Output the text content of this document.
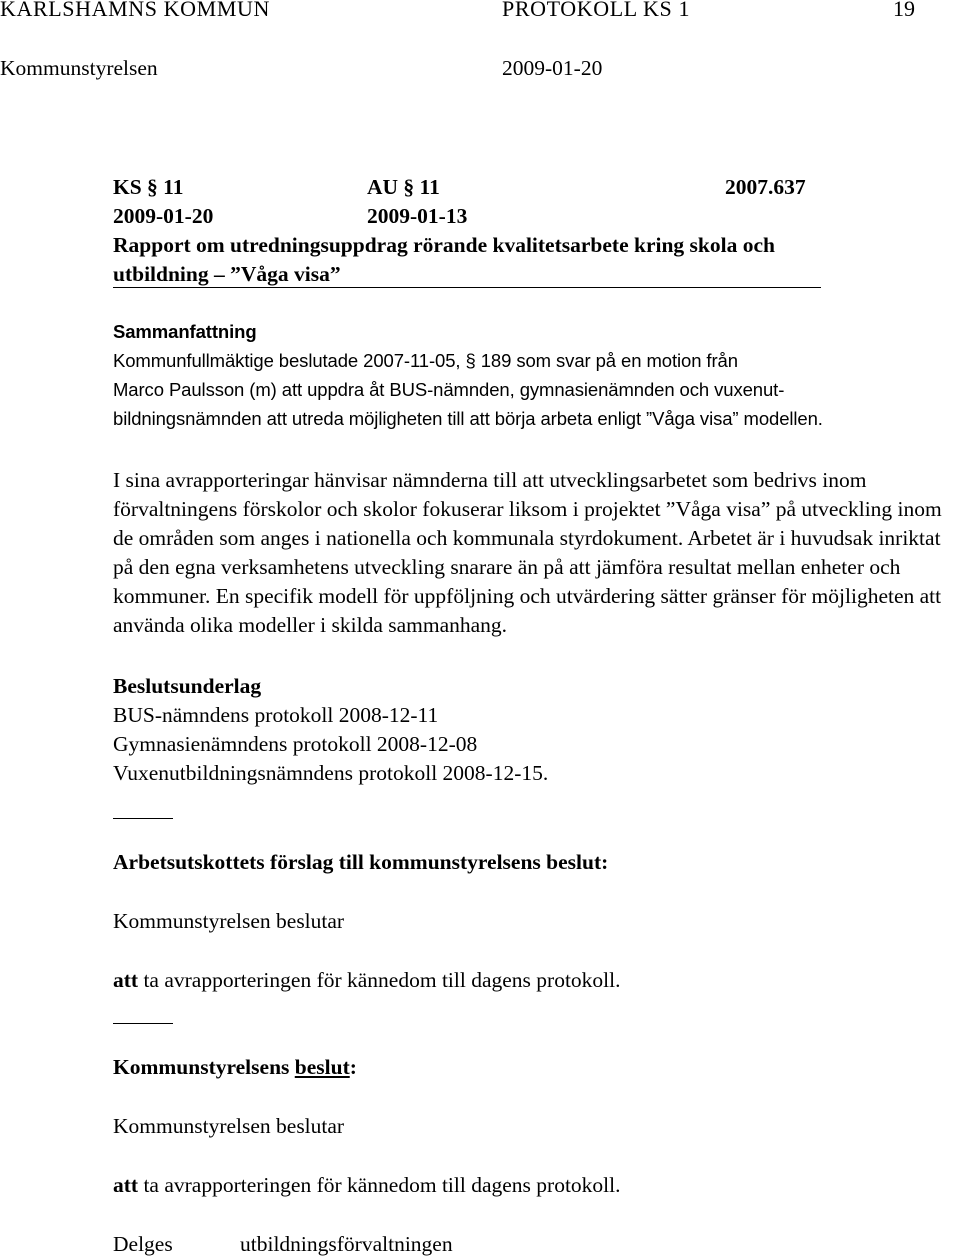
KARLSHAMNS KOMMUN	PROTOKOLL KS 1	19

Kommunstyrelsen	2009-01-20

KS § 11	AU § 11	2007.637

2009-01-20	2009-01-13

Rapport om utredningsuppdrag rörande kvalitetsarbete kring skola och

utbildning – ”Våga visa”

Sammanfattning

Kommunfullmäktige beslutade 2007-11-05, § 189 som svar på en motion från

Marco Paulsson (m) att uppdra åt BUS-nämnden, gymnasienämnden och vuxenut-

bildningsnämnden att utreda möjligheten till att börja arbeta enligt ”Våga visa” modellen.

I sina avrapporteringar hänvisar nämnderna till att utvecklingsarbetet som bedrivs inom

förvaltningens förskolor och skolor fokuserar liksom i projektet ”Våga visa” på utveckling inom

de områden som anges i nationella och kommunala styrdokument. Arbetet är i huvudsak inriktat

på den egna verksamhetens utveckling snarare än på att jämföra resultat mellan enheter och

kommuner. En specifik modell för uppföljning och utvärdering sätter gränser för möjligheten att

använda olika modeller i skilda sammanhang.

Beslutsunderlag

BUS-nämndens protokoll 2008-12-11

Gymnasienämndens protokoll 2008-12-08

Vuxenutbildningsnämndens protokoll 2008-12-15.

Arbetsutskottets förslag till kommunstyrelsens beslut:

Kommunstyrelsen beslutar

att ta avrapporteringen för kännedom till dagens protokoll.

Kommunstyrelsens beslut:

Kommunstyrelsen beslutar

att ta avrapporteringen för kännedom till dagens protokoll.

Delges	utbildningsförvaltningen
